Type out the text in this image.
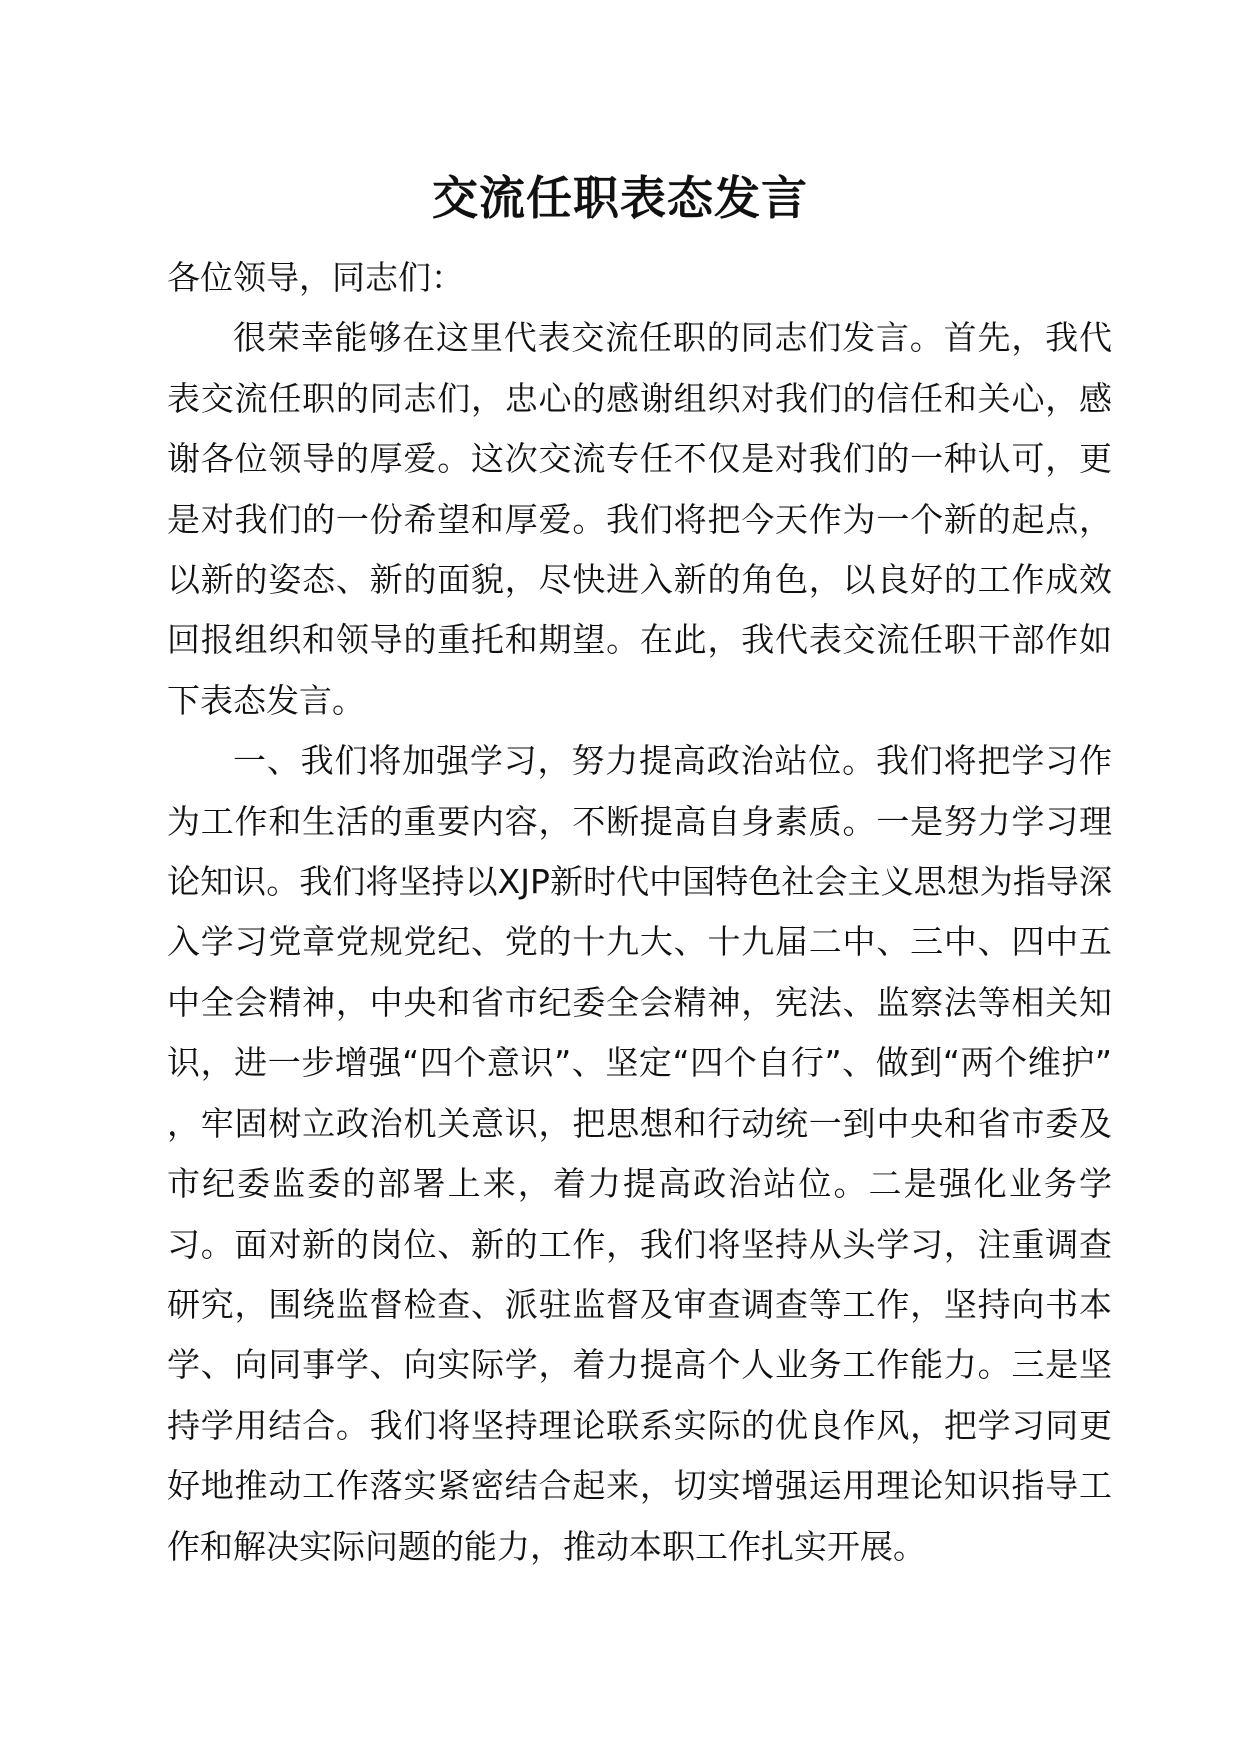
交流任职表态发言

各位领导，同志们：

很荣幸能够在这里代表交流任职的同志们发言。首先，我代表交流任职的同志们，忠心的感谢组织对我们的信任和关心，感谢各位领导的厚爱。这次交流专任不仅是对我们的一种认可，更是对我们的一份希望和厚爱。我们将把今天作为一个新的起点，以新的姿态、新的面貌，尽快进入新的角色，以良好的工作成效回报组织和领导的重托和期望。在此，我代表交流任职干部作如下表态发言。

一、我们将加强学习，努力提高政治站位。我们将把学习作为工作和生活的重要内容，不断提高自身素质。一是努力学习理论知识。我们将坚持以XJP新时代中国特色社会主义思想为指导深入学习党章党规党纪、党的十九大、十九届二中、三中、四中五中全会精神，中央和省市纪委全会精神，宪法、监察法等相关知识，进一步增强“四个意识”、坚定“四个自行”、做到“两个维护” ，牢固树立政治机关意识，把思想和行动统一到中央和省市委及市纪委监委的部署上来，着力提高政治站位。二是强化业务学习。面对新的岗位、新的工作，我们将坚持从头学习，注重调查研究，围绕监督检查、派驻监督及审查调查等工作，坚持向书本学、向同事学、向实际学，着力提高个人业务工作能力。三是坚持学用结合。我们将坚持理论联系实际的优良作风，把学习同更好地推动工作落实紧密结合起来，切实增强运用理论知识指导工作和解决实际问题的能力，推动本职工作扎实开展。
